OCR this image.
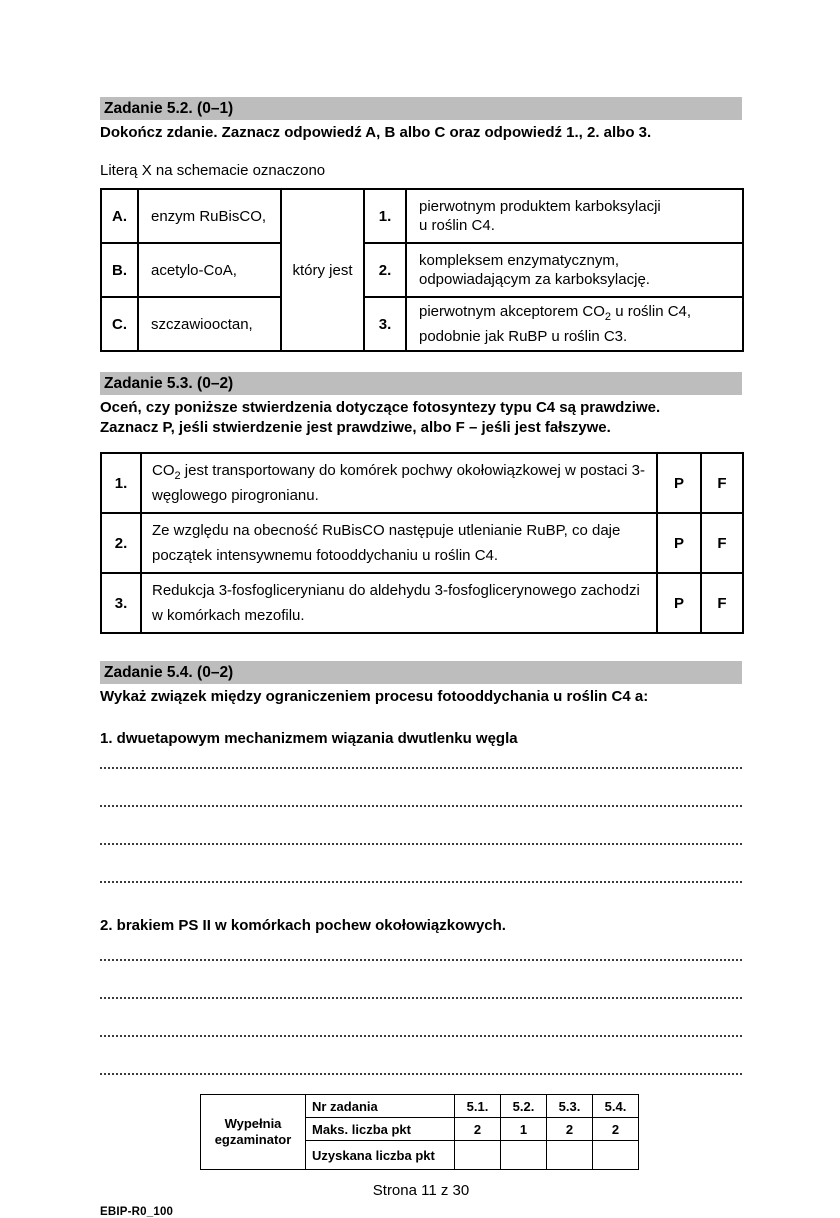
Zadanie 5.2. (0–1)
Dokończ zdanie. Zaznacz odpowiedź A, B albo C oraz odpowiedź 1., 2. albo 3.
Literą X na schemacie oznaczono
A.	enzym RuBisCO,	który jest	1.	pierwotnym produktem karboksylacji
u roślin C4.
B.	acetylo-CoA,		2.	kompleksem enzymatycznym,
odpowiadającym za karboksylację.
C.	szczawiooctan,		3.	pierwotnym akceptorem $CO_2$ u roślin C4,
podobnie jak RuBP u roślin C3.
Zadanie 5.3. (0–2)
Oceń, czy poniższe stwierdzenia dotyczące fotosyntezy typu C4 są prawdziwe.
Zaznacz P, jeśli stwierdzenie jest prawdziwe, albo F – jeśli jest fałszywe.
1.	$CO_2$ jest transportowany do komórek pochwy okołowiązkowej w postaci 3-węglowego pirogronianu.	P	F
2.	Ze względu na obecność RuBisCO następuje utlenianie RuBP, co daje początek intensywnemu fotooddychaniu u roślin C4.	P	F
3.	Redukcja 3-fosfoglicerynianu do aldehydu 3-fosfoglicerynowego zachodzi w komórkach mezofilu.	P	F
Zadanie 5.4. (0–2)
Wykaż związek między ograniczeniem procesu fotooddychania u roślin C4 a:
1. dwuetapowym mechanizmem wiązania dwutlenku węgla
2. brakiem PS II w komórkach pochew okołowiązkowych.
Wypełnia egzaminator	Nr zadania	5.1.	5.2.	5.3.	5.4.
	Maks. liczba pkt	2	1	2	2
	Uzyskana liczba pkt				
Strona 11 z 30
EBIP-R0_100
